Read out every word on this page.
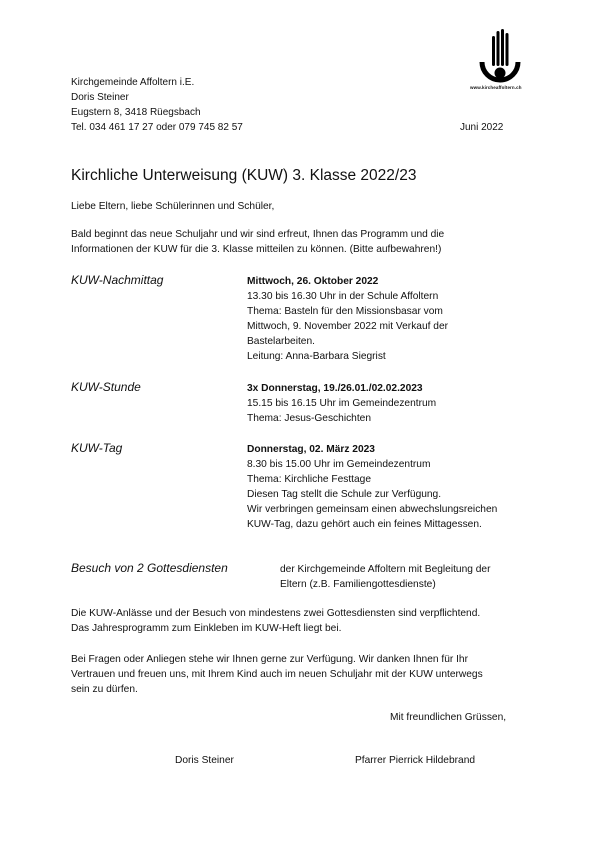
www.kircheaffoltern.ch
Kirchgemeinde Affoltern i.E.
Doris Steiner
Eugstern 8, 3418 Rüegsbach
Tel. 034 461 17 27 oder 079 745 82 57	Juni 2022
Kirchliche Unterweisung (KUW) 3. Klasse 2022/23
Liebe Eltern, liebe Schülerinnen und Schüler,
Bald beginnt das neue Schuljahr und wir sind erfreut, Ihnen das Programm und die
Informationen der KUW für die 3. Klasse mitteilen zu können. (Bitte aufbewahren!)
KUW-Nachmittag	Mittwoch, 26. Oktober 2022
13.30 bis 16.30 Uhr in der Schule Affoltern
Thema: Basteln für den Missionsbasar vom
Mittwoch, 9. November 2022 mit Verkauf der
Bastelarbeiten.
Leitung: Anna-Barbara Siegrist
KUW-Stunde	3x Donnerstag, 19./26.01./02.02.2023
15.15 bis 16.15 Uhr im Gemeindezentrum
Thema: Jesus-Geschichten
KUW-Tag	Donnerstag, 02. März 2023
8.30 bis 15.00 Uhr im Gemeindezentrum
Thema: Kirchliche Festtage
Diesen Tag stellt die Schule zur Verfügung.
Wir verbringen gemeinsam einen abwechslungsreichen
KUW-Tag, dazu gehört auch ein feines Mittagessen.
Besuch von 2 Gottesdiensten	der Kirchgemeinde Affoltern mit Begleitung der
Eltern (z.B. Familiengottesdienste)
Die KUW-Anlässe und der Besuch von mindestens zwei Gottesdiensten sind verpflichtend.
Das Jahresprogramm zum Einkleben im KUW-Heft liegt bei.
Bei Fragen oder Anliegen stehe wir Ihnen gerne zur Verfügung. Wir danken Ihnen für Ihr
Vertrauen und freuen uns, mit Ihrem Kind auch im neuen Schuljahr mit der KUW unterwegs
sein zu dürfen.
Mit freundlichen Grüssen,
Doris Steiner	Pfarrer Pierrick Hildebrand
